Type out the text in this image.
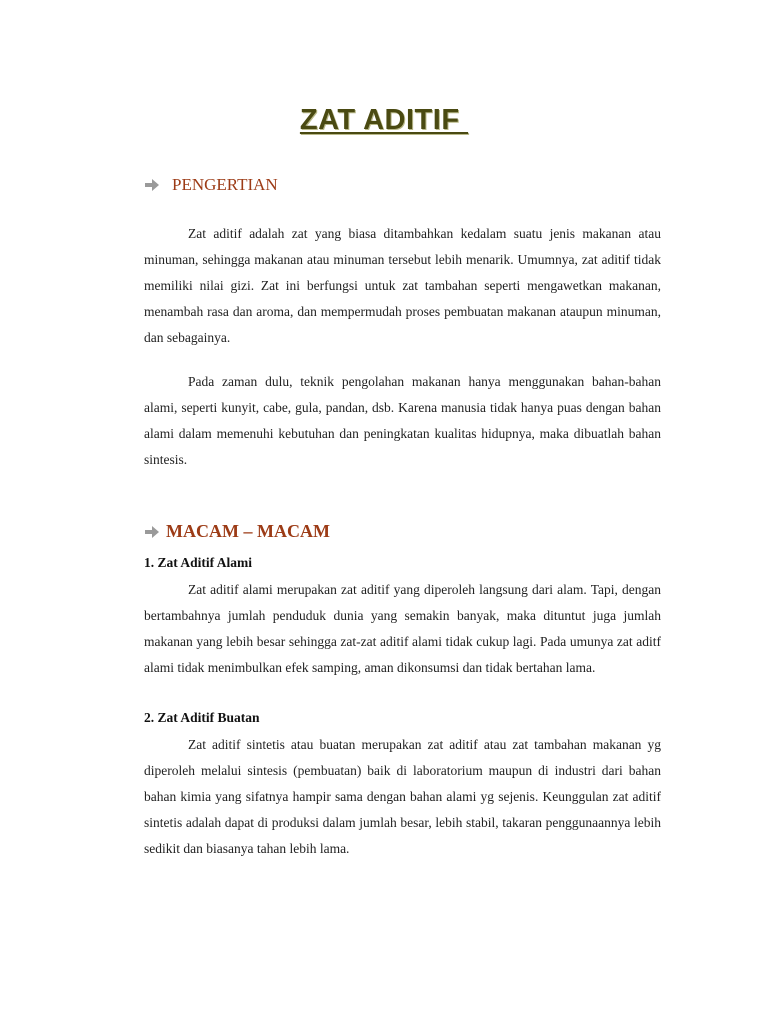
ZAT ADITIF
PENGERTIAN

Zat aditif adalah zat yang biasa ditambahkan kedalam suatu jenis makanan atau minuman, sehingga makanan atau minuman tersebut lebih menarik. Umumnya, zat aditif tidak memiliki nilai gizi. Zat ini berfungsi untuk zat tambahan seperti mengawetkan makanan, menambah rasa dan aroma, dan mempermudah proses pembuatan makanan ataupun minuman, dan sebagainya.

Pada zaman dulu, teknik pengolahan makanan hanya menggunakan bahan-bahan alami, seperti kunyit, cabe, gula, pandan, dsb. Karena manusia tidak hanya puas dengan bahan alami dalam memenuhi kebutuhan dan peningkatan kualitas hidupnya, maka dibuatlah bahan sintesis.

MACAM – MACAM
1. Zat Aditif Alami

Zat aditif alami merupakan zat aditif yang diperoleh langsung dari alam. Tapi, dengan bertambahnya jumlah penduduk dunia yang semakin banyak, maka dituntut juga jumlah makanan yang lebih besar sehingga zat-zat aditif alami tidak cukup lagi. Pada umunya zat aditf alami tidak menimbulkan efek samping, aman dikonsumsi dan tidak bertahan lama.

2. Zat Aditif Buatan

Zat aditif sintetis atau buatan merupakan zat aditif atau zat tambahan makanan yg diperoleh melalui sintesis (pembuatan) baik di laboratorium maupun di industri dari bahan bahan kimia yang sifatnya hampir sama dengan bahan alami yg sejenis. Keunggulan zat aditif sintetis adalah dapat di produksi dalam jumlah besar, lebih stabil, takaran penggunaannya lebih sedikit dan biasanya tahan lebih lama.
